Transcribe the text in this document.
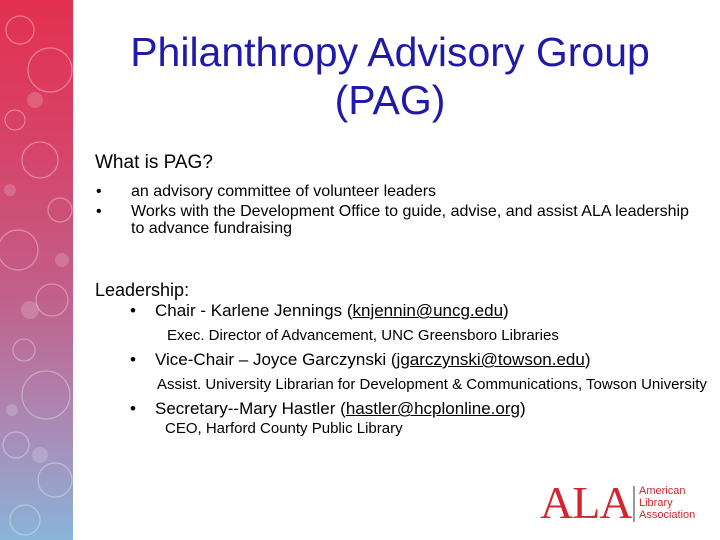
Philanthropy Advisory Group
(PAG)
What is PAG?
• an advisory committee of volunteer leaders
• Works with the Development Office to guide, advise, and assist ALA leadership to advance fundraising
Leadership:
• Chair - Karlene Jennings (knjennin@uncg.edu)
Exec. Director of Advancement, UNC Greensboro Libraries
• Vice-Chair – Joyce Garczynski (jgarczynski@towson.edu)
Assist. University Librarian for Development & Communications, Towson University
• Secretary--Mary Hastler (hastler@hcplonline.org)
CEO, Harford County Public Library
ALA American
Library
Association
